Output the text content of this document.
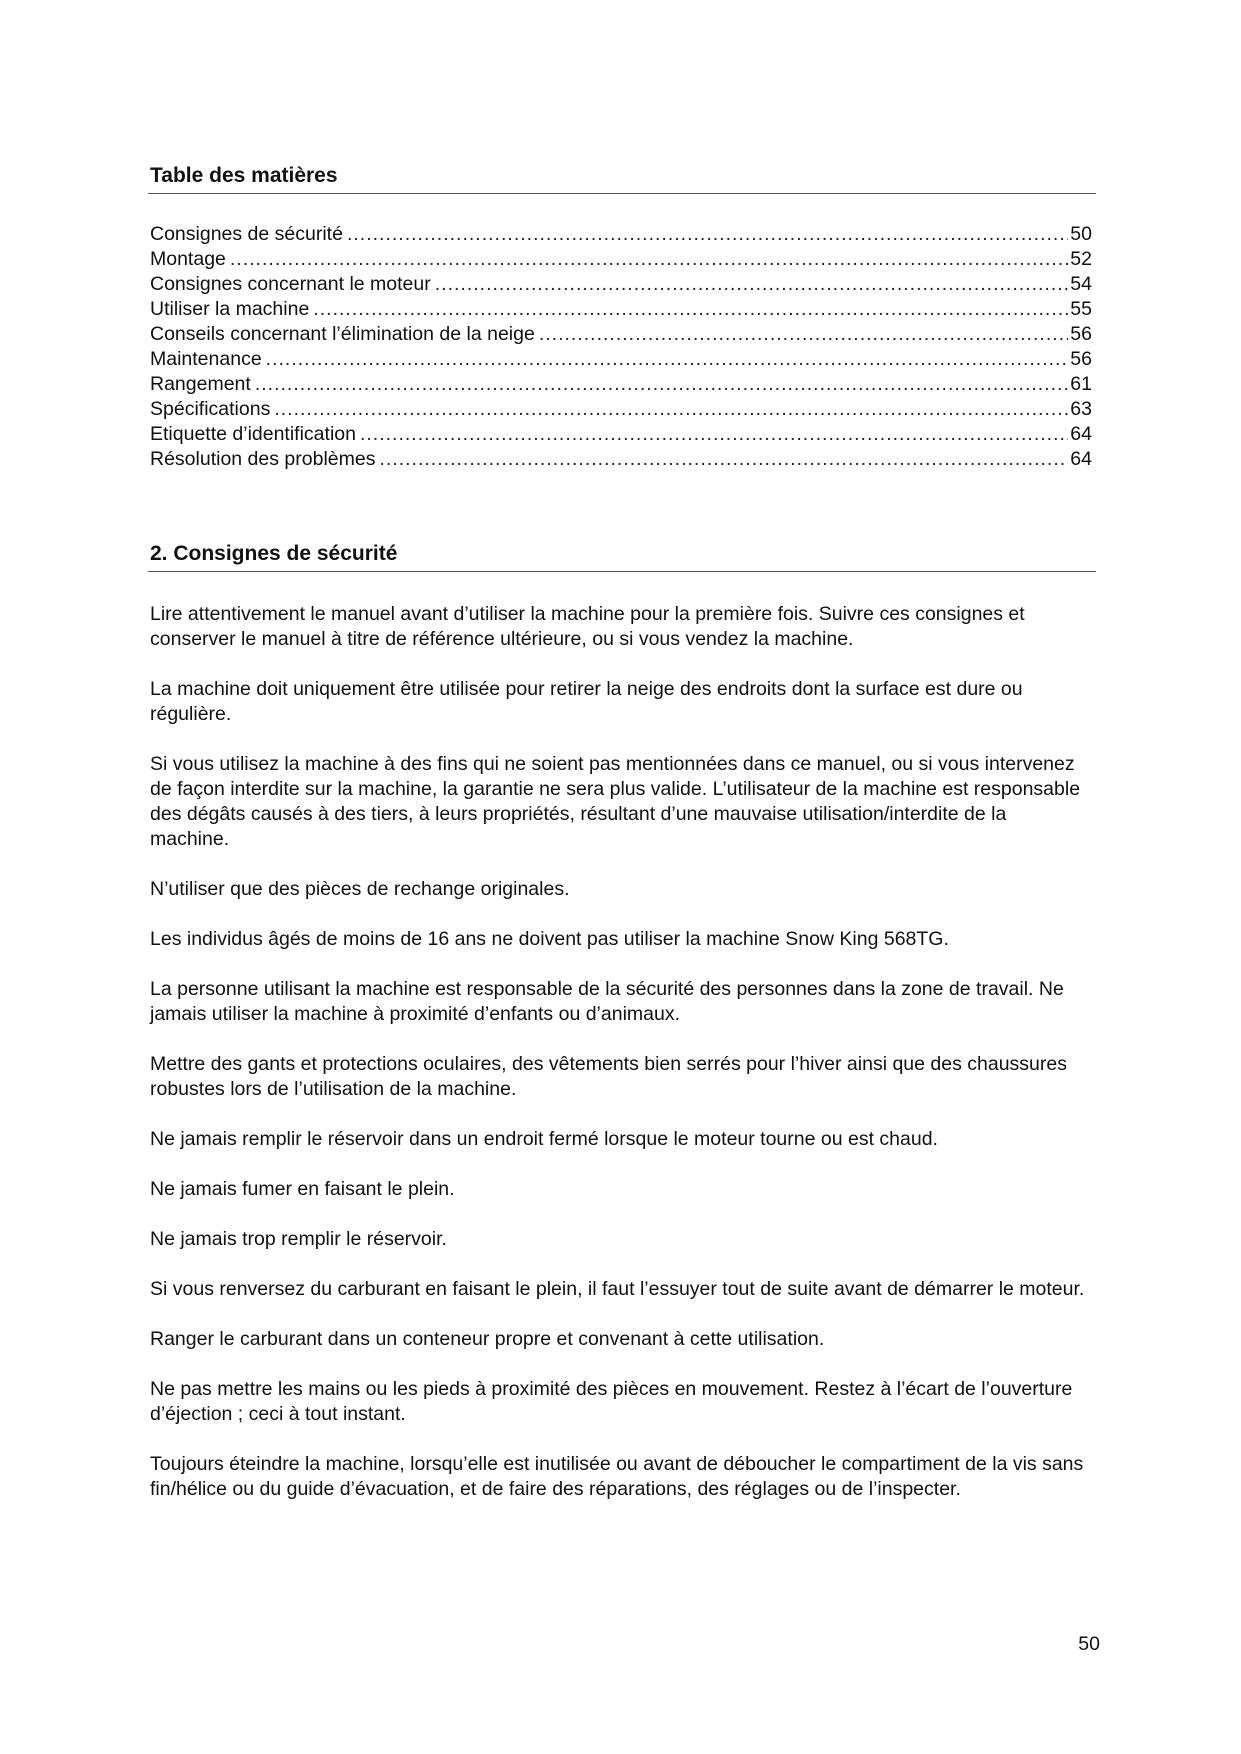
Table des matières
Consignes de sécurité .....	50
Montage .....	52
Consignes concernant le moteur .....	54
Utiliser la machine .....	55
Conseils concernant l’élimination de la neige .....	56
Maintenance .....	56
Rangement .....	61
Spécifications .....	63
Etiquette d’identification .....	64
Résolution des problèmes .....	64
2. Consignes de sécurité

Lire attentivement le manuel avant d’utiliser la machine pour la première fois. Suivre ces consignes et conserver le manuel à titre de référence ultérieure, ou si vous vendez la machine.

La machine doit uniquement être utilisée pour retirer la neige des endroits dont la surface est dure ou régulière.

Si vous utilisez la machine à des fins qui ne soient pas mentionnées dans ce manuel, ou si vous intervenez de façon interdite sur la machine, la garantie ne sera plus valide. L’utilisateur de la machine est responsable des dégâts causés à des tiers, à leurs propriétés, résultant d’une mauvaise utilisation/interdite de la machine.

N’utiliser que des pièces de rechange originales.

Les individus âgés de moins de 16 ans ne doivent pas utiliser la machine Snow King 568TG.

La personne utilisant la machine est responsable de la sécurité des personnes dans la zone de travail. Ne jamais utiliser la machine à proximité d’enfants ou d’animaux.

Mettre des gants et protections oculaires, des vêtements bien serrés pour l’hiver ainsi que des chaussures robustes lors de l’utilisation de la machine.

Ne jamais remplir le réservoir dans un endroit fermé lorsque le moteur tourne ou est chaud.

Ne jamais fumer en faisant le plein.

Ne jamais trop remplir le réservoir.

Si vous renversez du carburant en faisant le plein, il faut l’essuyer tout de suite avant de démarrer le moteur.

Ranger le carburant dans un conteneur propre et convenant à cette utilisation.

Ne pas mettre les mains ou les pieds à proximité des pièces en mouvement. Restez à l’écart de l’ouverture d’éjection ; ceci à tout instant.

Toujours éteindre la machine, lorsqu’elle est inutilisée ou avant de déboucher le compartiment de la vis sans fin/hélice ou du guide d’évacuation, et de faire des réparations, des réglages ou de l’inspecter.

50
